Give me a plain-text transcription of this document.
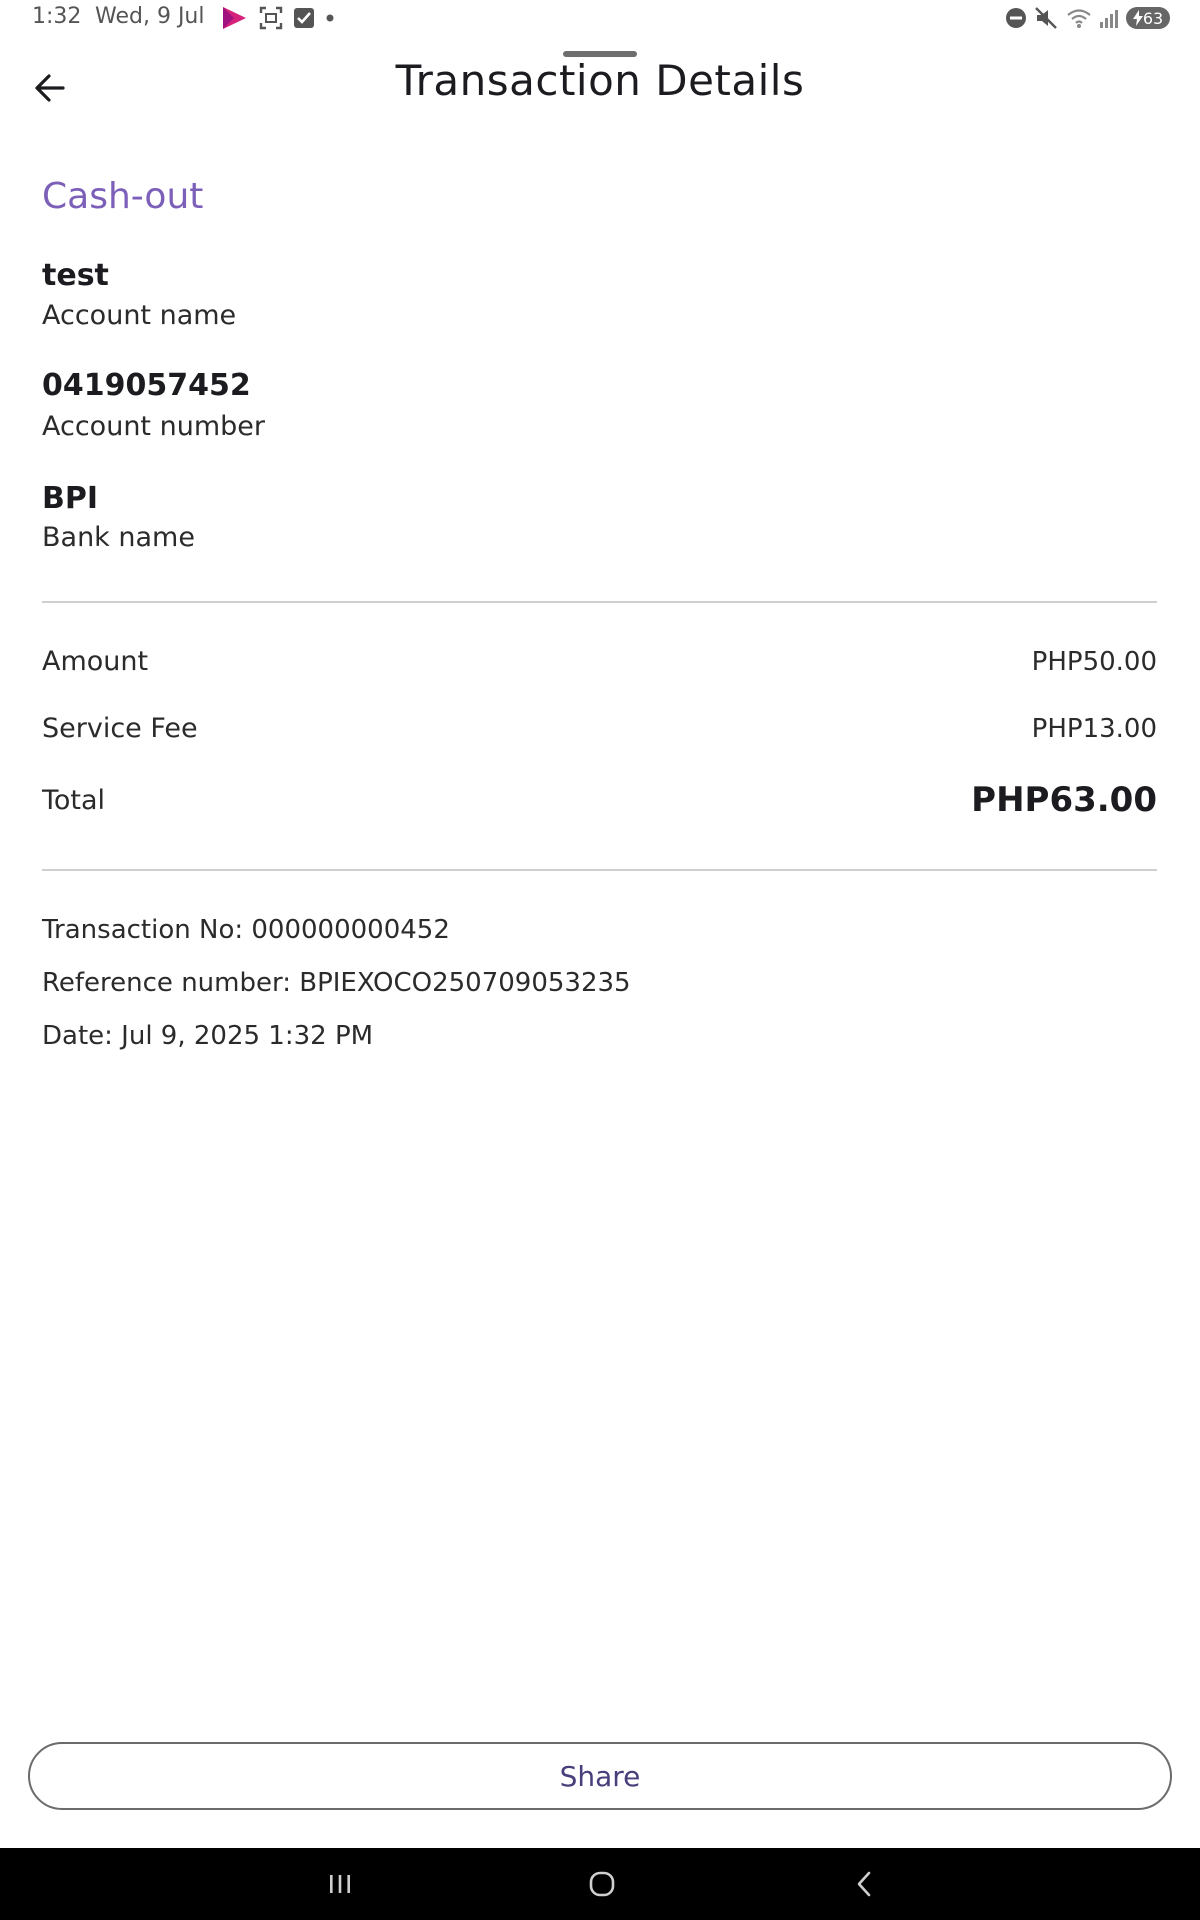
1:32 Wed, 9 Jul	63
Transaction Details
Cash-out
test
Account name
0419057452
Account number
BPI
Bank name
Amount	PHP50.00
Service Fee	PHP13.00
Total	PHP63.00
Transaction No: 000000000452
Reference number: BPIEXOCO250709053235
Date: Jul 9, 2025 1:32 PM
Share
